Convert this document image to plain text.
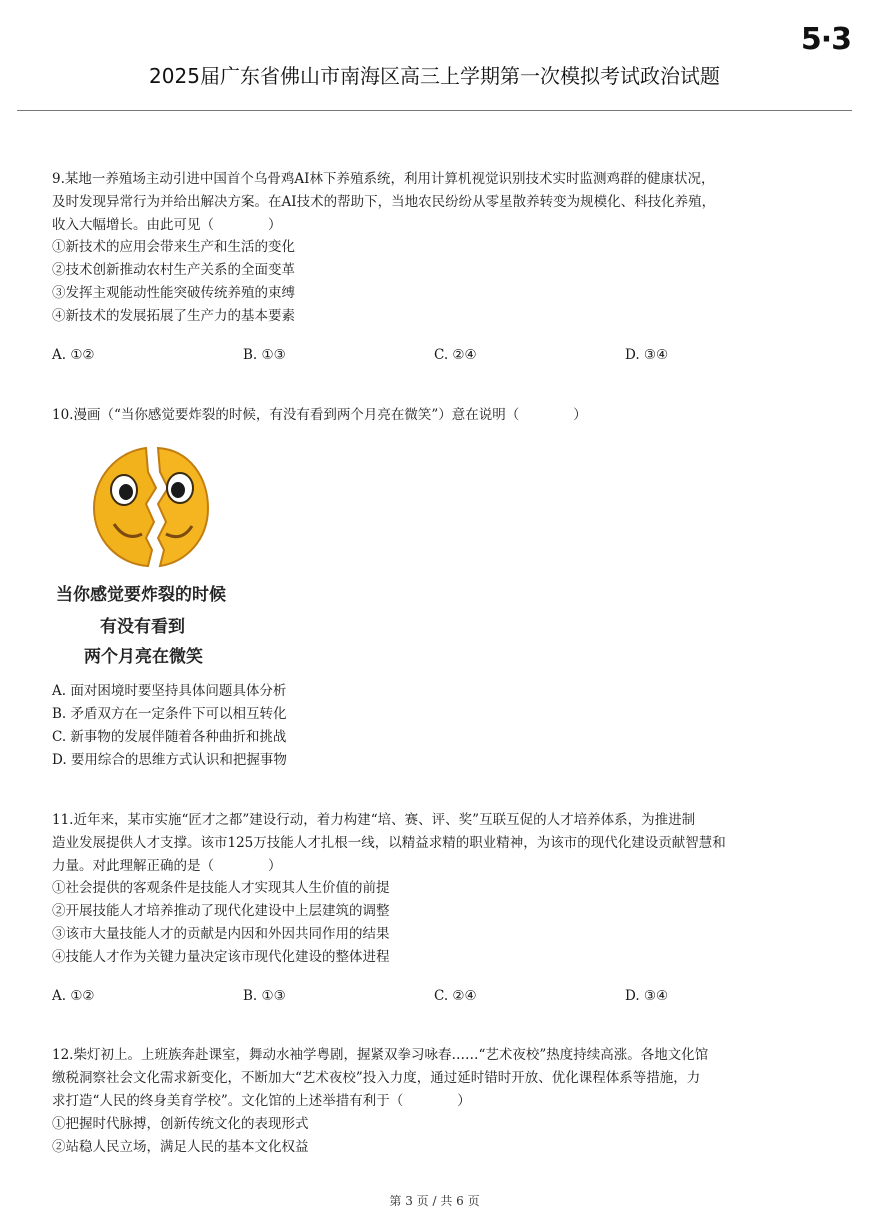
5·3
2025届广东省佛山市南海区高三上学期第一次模拟考试政治试题

9.某地一养殖场主动引进中国首个乌骨鸡AI林下养殖系统，利用计算机视觉识别技术实时监测鸡群的健康状况，

及时发现异常行为并给出解决方案。在AI技术的帮助下，当地农民纷纷从零星散养转变为规模化、科技化养殖，

收入大幅增长。由此可见（　　　　）

①新技术的应用会带来生产和生活的变化

②技术创新推动农村生产关系的全面变革

③发挥主观能动性能突破传统养殖的束缚

④新技术的发展拓展了生产力的基本要素

A. ①②	B. ①③	C. ②④	D. ③④

10.漫画（“当你感觉要炸裂的时候，有没有看到两个月亮在微笑”）意在说明（　　　　）

当你感觉要炸裂的时候
有没有看到
两个月亮在微笑

A. 面对困境时要坚持具体问题具体分析

B. 矛盾双方在一定条件下可以相互转化

C. 新事物的发展伴随着各种曲折和挑战

D. 要用综合的思维方式认识和把握事物

11.近年来，某市实施“匠才之都”建设行动，着力构建“培、赛、评、奖”互联互促的人才培养体系，为推进制

造业发展提供人才支撑。该市125万技能人才扎根一线，以精益求精的职业精神，为该市的现代化建设贡献智慧和

力量。对此理解正确的是（　　　　）

①社会提供的客观条件是技能人才实现其人生价值的前提

②开展技能人才培养推动了现代化建设中上层建筑的调整

③该市大量技能人才的贡献是内因和外因共同作用的结果

④技能人才作为关键力量决定该市现代化建设的整体进程

A. ①②	B. ①③	C. ②④	D. ③④

12.柴灯初上。上班族奔赴课室，舞动水袖学粤剧，握紧双拳习咏春……“艺术夜校”热度持续高涨。各地文化馆

缴税洞察社会文化需求新变化，不断加大“艺术夜校”投入力度，通过延时错时开放、优化课程体系等措施，力

求打造“人民的终身美育学校”。文化馆的上述举措有利于（　　　　）

①把握时代脉搏，创新传统文化的表现形式

②站稳人民立场，满足人民的基本文化权益

第 3 页 / 共 6 页
